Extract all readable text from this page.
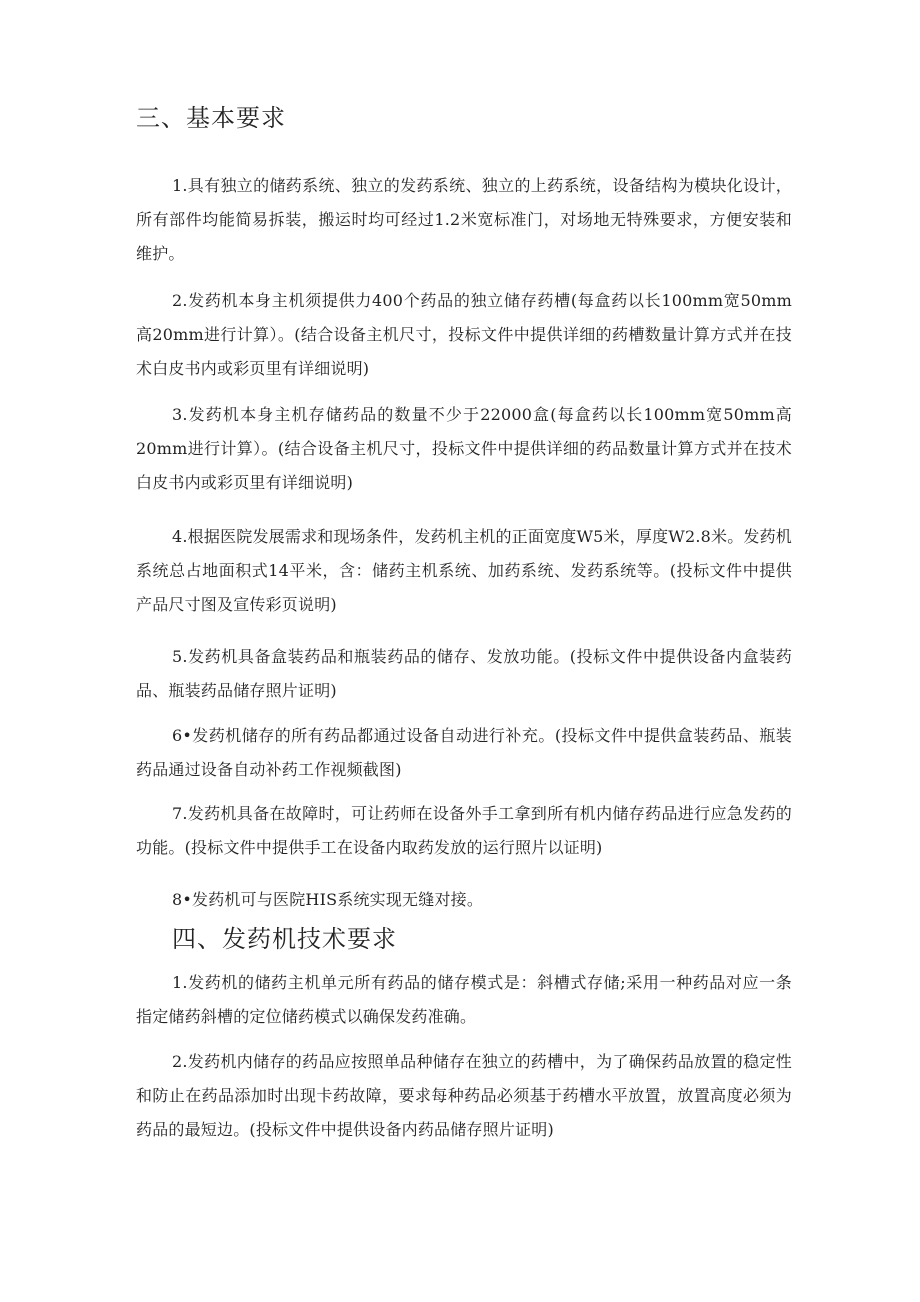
三、基本要求

1.具有独立的储药系统、独立的发药系统、独立的上药系统，设备结构为模块化设计，所有部件均能简易拆装，搬运时均可经过1.2米宽标准门，对场地无特殊要求，方便安装和维护。

2.发药机本身主机须提供力400个药品的独立储存药槽(每盒药以长100mm宽50mm高20mm进行计算）。(结合设备主机尺寸，投标文件中提供详细的药槽数量计算方式并在技术白皮书内或彩页里有详细说明)

3.发药机本身主机存储药品的数量不少于22000盒(每盒药以长100mm宽50mm高20mm进行计算）。(结合设备主机尺寸，投标文件中提供详细的药品数量计算方式并在技术白皮书内或彩页里有详细说明)

4.根据医院发展需求和现场条件，发药机主机的正面宽度W5米，厚度W2.8米。发药机系统总占地面积式14平米，含：储药主机系统、加药系统、发药系统等。(投标文件中提供产品尺寸图及宣传彩页说明)

5.发药机具备盒装药品和瓶装药品的储存、发放功能。(投标文件中提供设备内盒装药品、瓶装药品储存照片证明)

6•发药机储存的所有药品都通过设备自动进行补充。(投标文件中提供盒装药品、瓶装药品通过设备自动补药工作视频截图)

7.发药机具备在故障时，可让药师在设备外手工拿到所有机内储存药品进行应急发药的功能。(投标文件中提供手工在设备内取药发放的运行照片以证明)

8•发药机可与医院HIS系统实现无缝对接。

四、发药机技术要求

1.发药机的储药主机单元所有药品的储存模式是：斜槽式存储;采用一种药品对应一条指定储药斜槽的定位储药模式以确保发药准确。

2.发药机内储存的药品应按照单品种储存在独立的药槽中，为了确保药品放置的稳定性和防止在药品添加时出现卡药故障，要求每种药品必须基于药槽水平放置，放置高度必须为药品的最短边。(投标文件中提供设备内药品储存照片证明)
